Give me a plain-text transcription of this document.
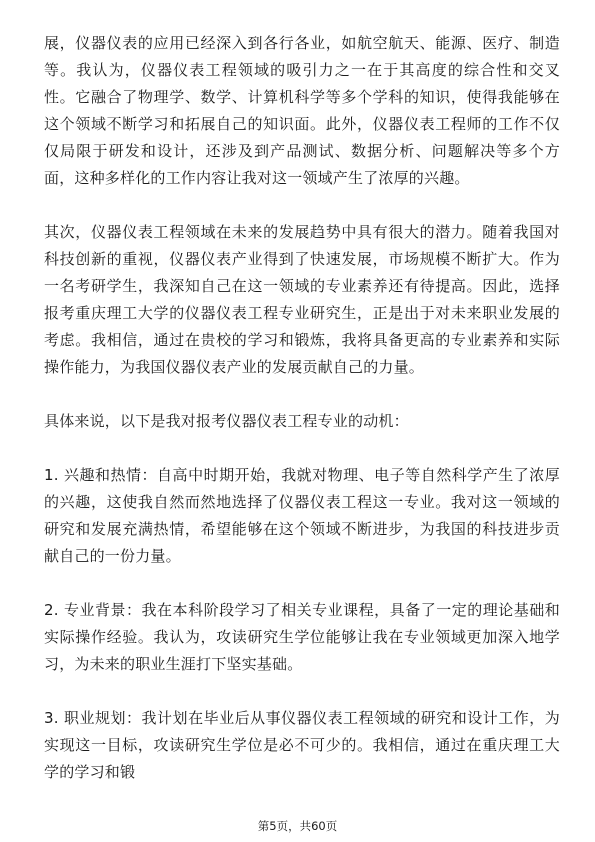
展，仪器仪表的应用已经深入到各行各业，如航空航天、能源、医疗、制造等。我认为，仪器仪表工程领域的吸引力之一在于其高度的综合性和交叉性。它融合了物理学、数学、计算机科学等多个学科的知识，使得我能够在这个领域不断学习和拓展自己的知识面。此外，仪器仪表工程师的工作不仅仅局限于研发和设计，还涉及到产品测试、数据分析、问题解决等多个方面，这种多样化的工作内容让我对这一领域产生了浓厚的兴趣。

其次，仪器仪表工程领域在未来的发展趋势中具有很大的潜力。随着我国对科技创新的重视，仪器仪表产业得到了快速发展，市场规模不断扩大。作为一名考研学生，我深知自己在这一领域的专业素养还有待提高。因此，选择报考重庆理工大学的仪器仪表工程专业研究生，正是出于对未来职业发展的考虑。我相信，通过在贵校的学习和锻炼，我将具备更高的专业素养和实际操作能力，为我国仪器仪表产业的发展贡献自己的力量。

具体来说，以下是我对报考仪器仪表工程专业的动机：

1. 兴趣和热情：自高中时期开始，我就对物理、电子等自然科学产生了浓厚的兴趣，这使我自然而然地选择了仪器仪表工程这一专业。我对这一领域的研究和发展充满热情，希望能够在这个领域不断进步，为我国的科技进步贡献自己的一份力量。

2. 专业背景：我在本科阶段学习了相关专业课程，具备了一定的理论基础和实际操作经验。我认为，攻读研究生学位能够让我在专业领域更加深入地学习，为未来的职业生涯打下坚实基础。

3. 职业规划：我计划在毕业后从事仪器仪表工程领域的研究和设计工作，为实现这一目标，攻读研究生学位是必不可少的。我相信，通过在重庆理工大学的学习和锻

第5页，共60页
